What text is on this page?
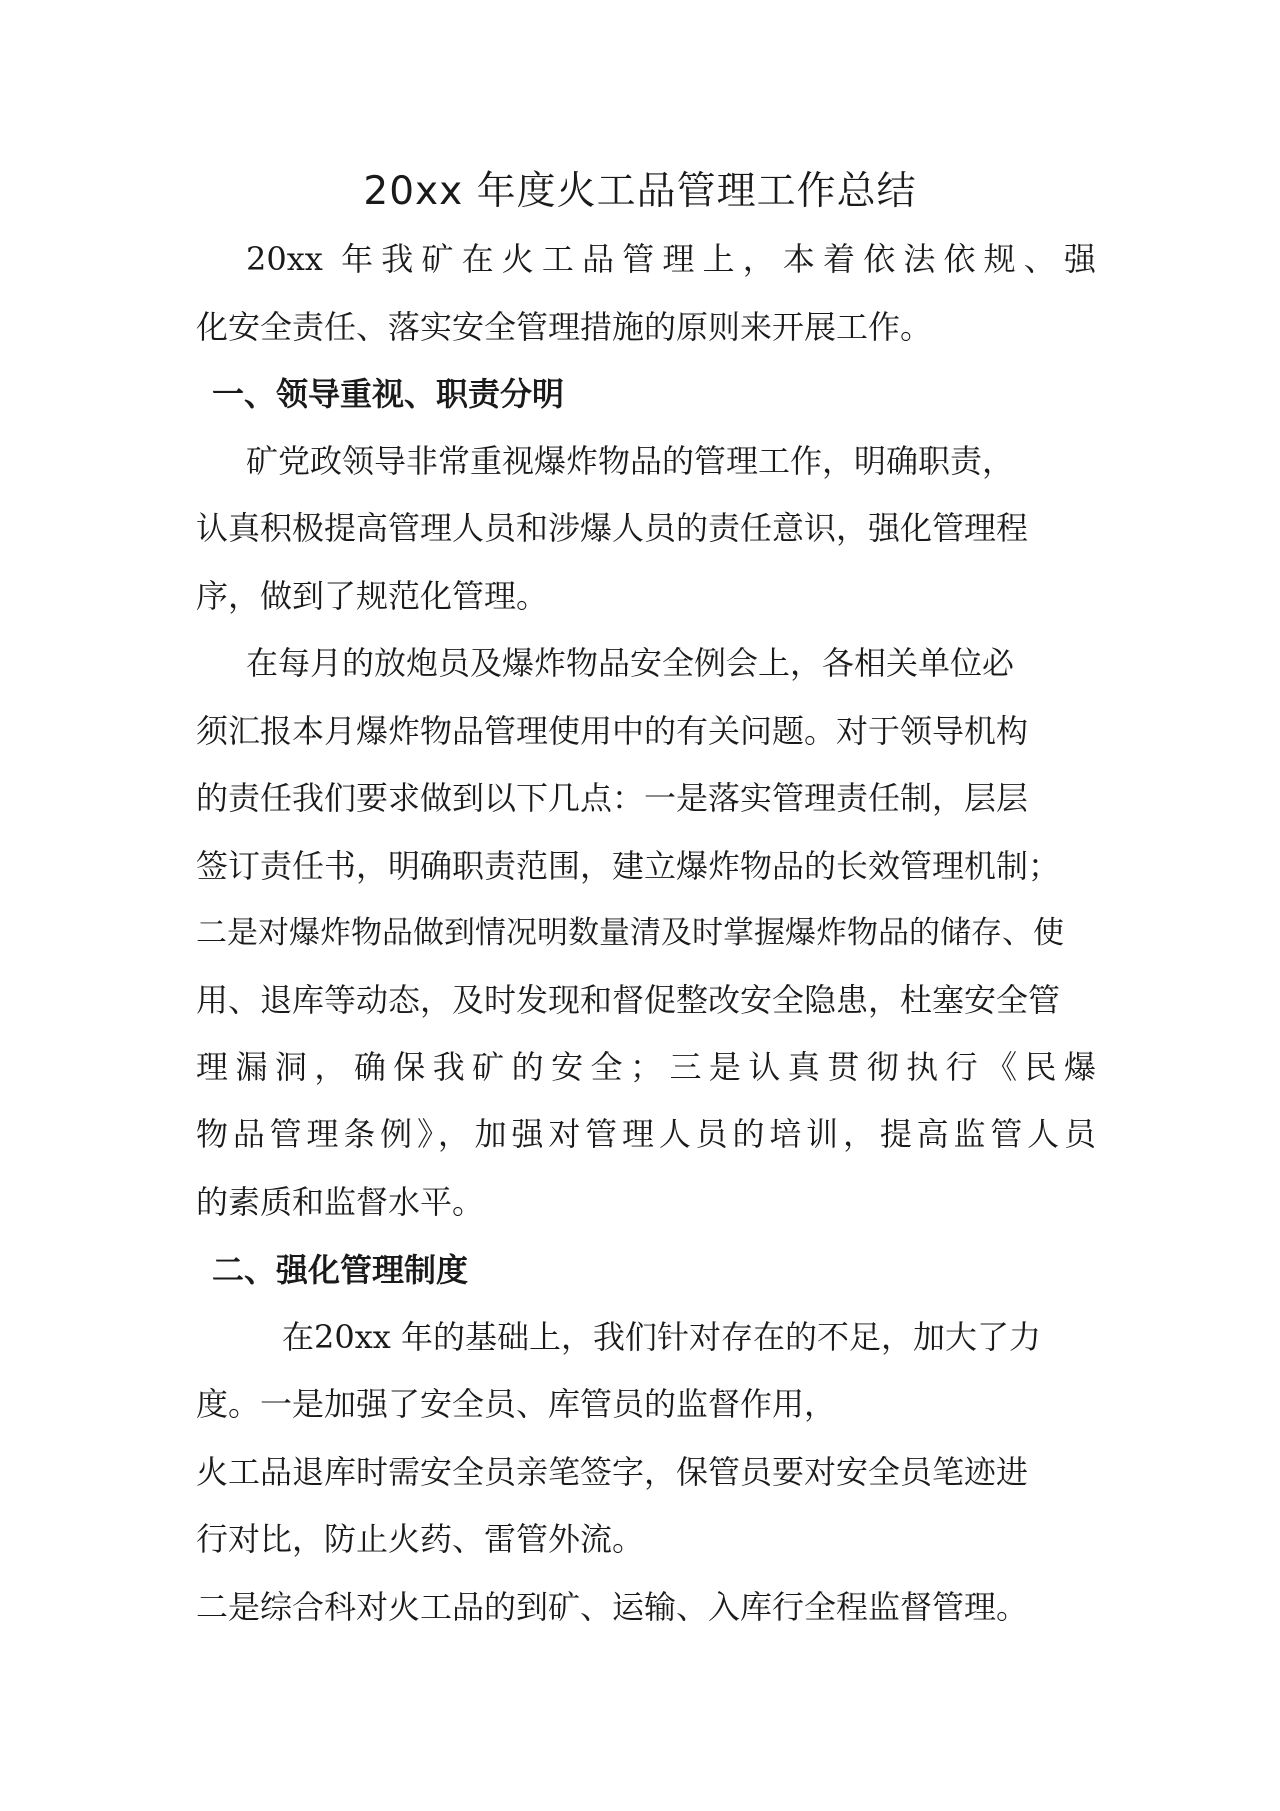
20xx 年度火工品管理工作总结
20xx 年我矿在火工品管理上，本着依法依规、强
化安全责任、落实安全管理措施的原则来开展工作。
一、领导重视、职责分明
矿党政领导非常重视爆炸物品的管理工作，明确职责，
认真积极提高管理人员和涉爆人员的责任意识，强化管理程
序，做到了规范化管理。
在每月的放炮员及爆炸物品安全例会上，各相关单位必
须汇报本月爆炸物品管理使用中的有关问题。对于领导机构
的责任我们要求做到以下几点：一是落实管理责任制，层层
签订责任书，明确职责范围，建立爆炸物品的长效管理机制；
二是对爆炸物品做到情况明数量清及时掌握爆炸物品的储存、使
用、退库等动态，及时发现和督促整改安全隐患，杜塞安全管
理漏洞，确保我矿的安全；三是认真贯彻执行《民爆
物品管理条例》，加强对管理人员的培训，提高监管人员
的素质和监督水平。
二、强化管理制度
在20xx 年的基础上，我们针对存在的不足，加大了力
度。一是加强了安全员、库管员的监督作用，
火工品退库时需安全员亲笔签字，保管员要对安全员笔迹进
行对比，防止火药、雷管外流。
二是综合科对火工品的到矿、运输、入库行全程监督管理。
